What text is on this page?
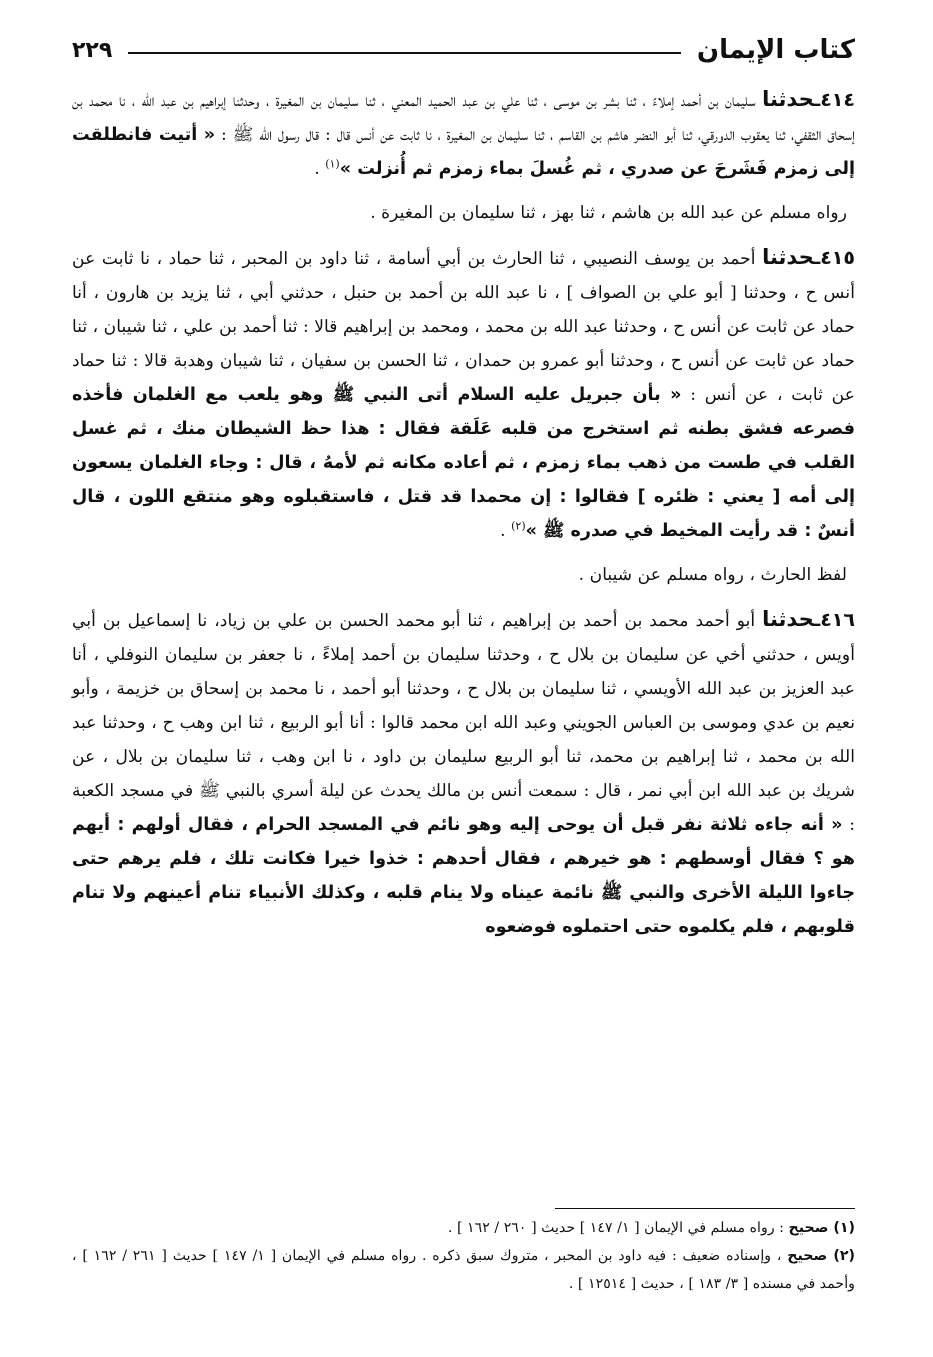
كتاب الإيمان
٢٢٩

٤١٤ـحدثنا سليمان بن أحمد إملاءً ، ثنا بشر بن موسى ، ثنا علي بن عبد الحميد المعني ، ثنا سليمان بن المغيرة ، وحدثنا إبراهيم بن عبد الله ، نا محمد بن إسحاق الثقفي، ثنا يعقوب الدورقي، ثنا أبو النضر هاشم بن القاسم ، ثنا سليمان بن المغيرة ، نا ثابت عن أنس قال : قال رسول الله ﷺ : « أتيت فانطلقت إلى زمزم فَشَرحَ عن صدري ، ثم غُسلَ بماء زمزم ثم أُنزلت »$^{(١)}$ .

رواه مسلم عن عبد الله بن هاشم ، ثنا بهز ، ثنا سليمان بن المغيرة .

٤١٥ـحدثنا أحمد بن يوسف النصيبي ، ثنا الحارث بن أبي أسامة ، ثنا داود بن المحبر ، ثنا حماد ، نا ثابت عن أنس ح ، وحدثنا [ أبو علي بن الصواف ] ، نا عبد الله بن أحمد بن حنبل ، حدثني أبي ، ثنا يزيد بن هارون ، أنا حماد عن ثابت عن أنس ح ، وحدثنا عبد الله بن محمد ، ومحمد بن إبراهيم قالا : ثنا أحمد بن علي ، ثنا شيبان ، ثنا حماد عن ثابت عن أنس ح ، وحدثنا أبو عمرو بن حمدان ، ثنا الحسن بن سفيان ، ثنا شيبان وهدبة قالا : ثنا حماد عن ثابت ، عن أنس : « بأن جبريل عليه السلام أتى النبي ﷺ وهو يلعب مع الغلمان فأخذه فصرعه فشق بطنه ثم استخرج من قلبه عَلَقة فقال : هذا حظ الشيطان منك ، ثم غسل القلب في طست من ذهب بماء زمزم ، ثم أعاده مكانه ثم لأمهُ ، قال : وجاء الغلمان يسعون إلى أمه [ يعني : ظئره ] فقالوا : إن محمدا قد قتل ، فاستقبلوه وهو منتقع اللون ، قال أنسٌ : قد رأيت المخيط في صدره ﷺ »$^{(٢)}$ .

لفظ الحارث ، رواه مسلم عن شيبان .

٤١٦ـحدثنا أبو أحمد محمد بن أحمد بن إبراهيم ، ثنا أبو محمد الحسن بن علي بن زياد، نا إسماعيل بن أبي أويس ، حدثني أخي عن سليمان بن بلال ح ، وحدثنا سليمان بن أحمد إملاءً ، نا جعفر بن سليمان النوفلي ، أنا عبد العزيز بن عبد الله الأويسي ، ثنا سليمان بن بلال ح ، وحدثنا أبو أحمد ، نا محمد بن إسحاق بن خزيمة ، وأبو نعيم بن عدي وموسى بن العباس الجويني وعبد الله ابن محمد قالوا : أنا أبو الربيع ، ثنا ابن وهب ح ، وحدثنا عبد الله بن محمد ، ثنا إبراهيم بن محمد، ثنا أبو الربيع سليمان بن داود ، نا ابن وهب ، ثنا سليمان بن بلال ، عن شريك بن عبد الله ابن أبي نمر ، قال : سمعت أنس بن مالك يحدث عن ليلة أسري بالنبي ﷺ في مسجد الكعبة : « أنه جاءه ثلاثة نفر قبل أن يوحى إليه وهو نائم في المسجد الحرام ، فقال أولهم : أيهم هو ؟ فقال أوسطهم : هو خيرهم ، فقال أحدهم : خذوا خيرا فكانت تلك ، فلم يرهم حتى جاءوا الليلة الأخرى والنبي ﷺ نائمة عيناه ولا ينام قلبه ، وكذلك الأنبياء تنام أعينهم ولا تنام قلوبهم ، فلم يكلموه حتى احتملوه فوضعوه

(١) صحيح : رواه مسلم في الإيمان [ ١/ ١٤٧ ] حديث [ ٢٦٠ / ١٦٢ ] .

(٢) صحيح ، وإسناده ضعيف : فيه داود بن المحبر ، متروك سبق ذكره . رواه مسلم في الإيمان [ ١/ ١٤٧ ] حديث [ ٢٦١ / ١٦٢ ] ، وأحمد في مسنده [ ٣/ ١٨٣ ] ، حديث [ ١٢٥١٤ ] .
